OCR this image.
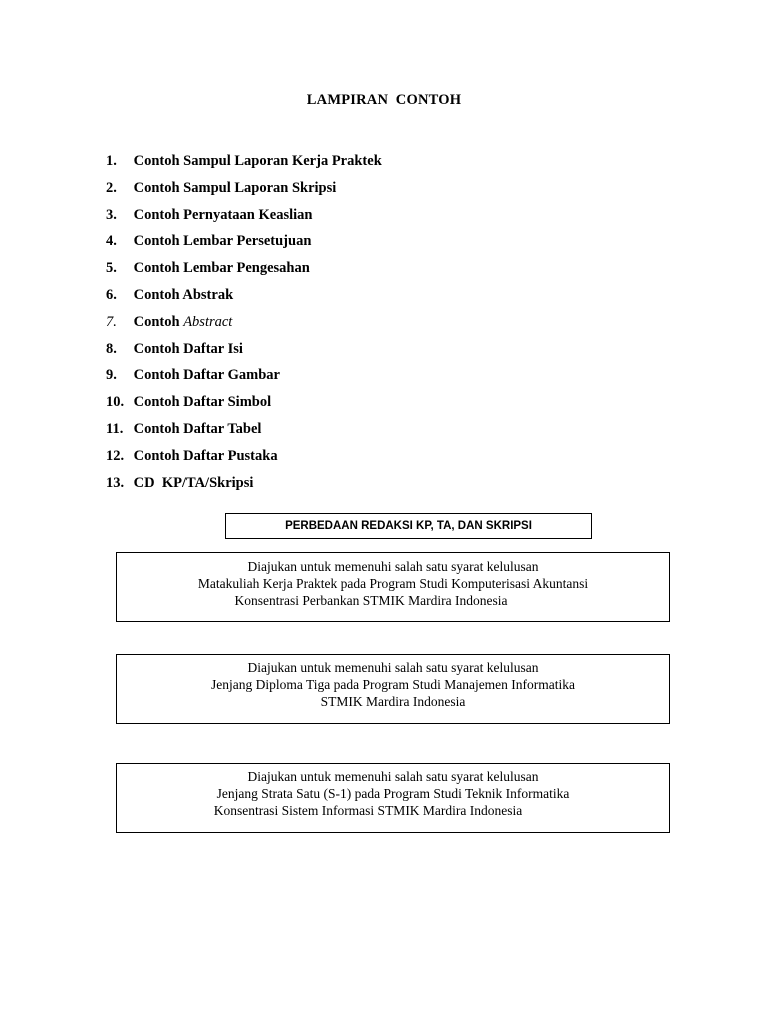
LAMPIRAN  CONTOH
1. Contoh Sampul Laporan Kerja Praktek
2. Contoh Sampul Laporan Skripsi
3. Contoh Pernyataan Keaslian
4. Contoh Lembar Persetujuan
5. Contoh Lembar Pengesahan
6. Contoh Abstrak
7. Contoh Abstract
8. Contoh Daftar Isi
9. Contoh Daftar Gambar
10. Contoh Daftar Simbol
11. Contoh Daftar Tabel
12. Contoh Daftar Pustaka
13. CD  KP/TA/Skripsi
PERBEDAAN REDAKSI KP, TA, DAN SKRIPSI
Diajukan untuk memenuhi salah satu syarat kelulusan
Matakuliah Kerja Praktek pada Program Studi Komputerisasi Akuntansi
Konsentrasi Perbankan STMIK Mardira Indonesia
Diajukan untuk memenuhi salah satu syarat kelulusan
Jenjang Diploma Tiga pada Program Studi Manajemen Informatika
STMIK Mardira Indonesia
Diajukan untuk memenuhi salah satu syarat kelulusan
Jenjang Strata Satu (S-1) pada Program Studi Teknik Informatika
Konsentrasi Sistem Informasi STMIK Mardira Indonesia
